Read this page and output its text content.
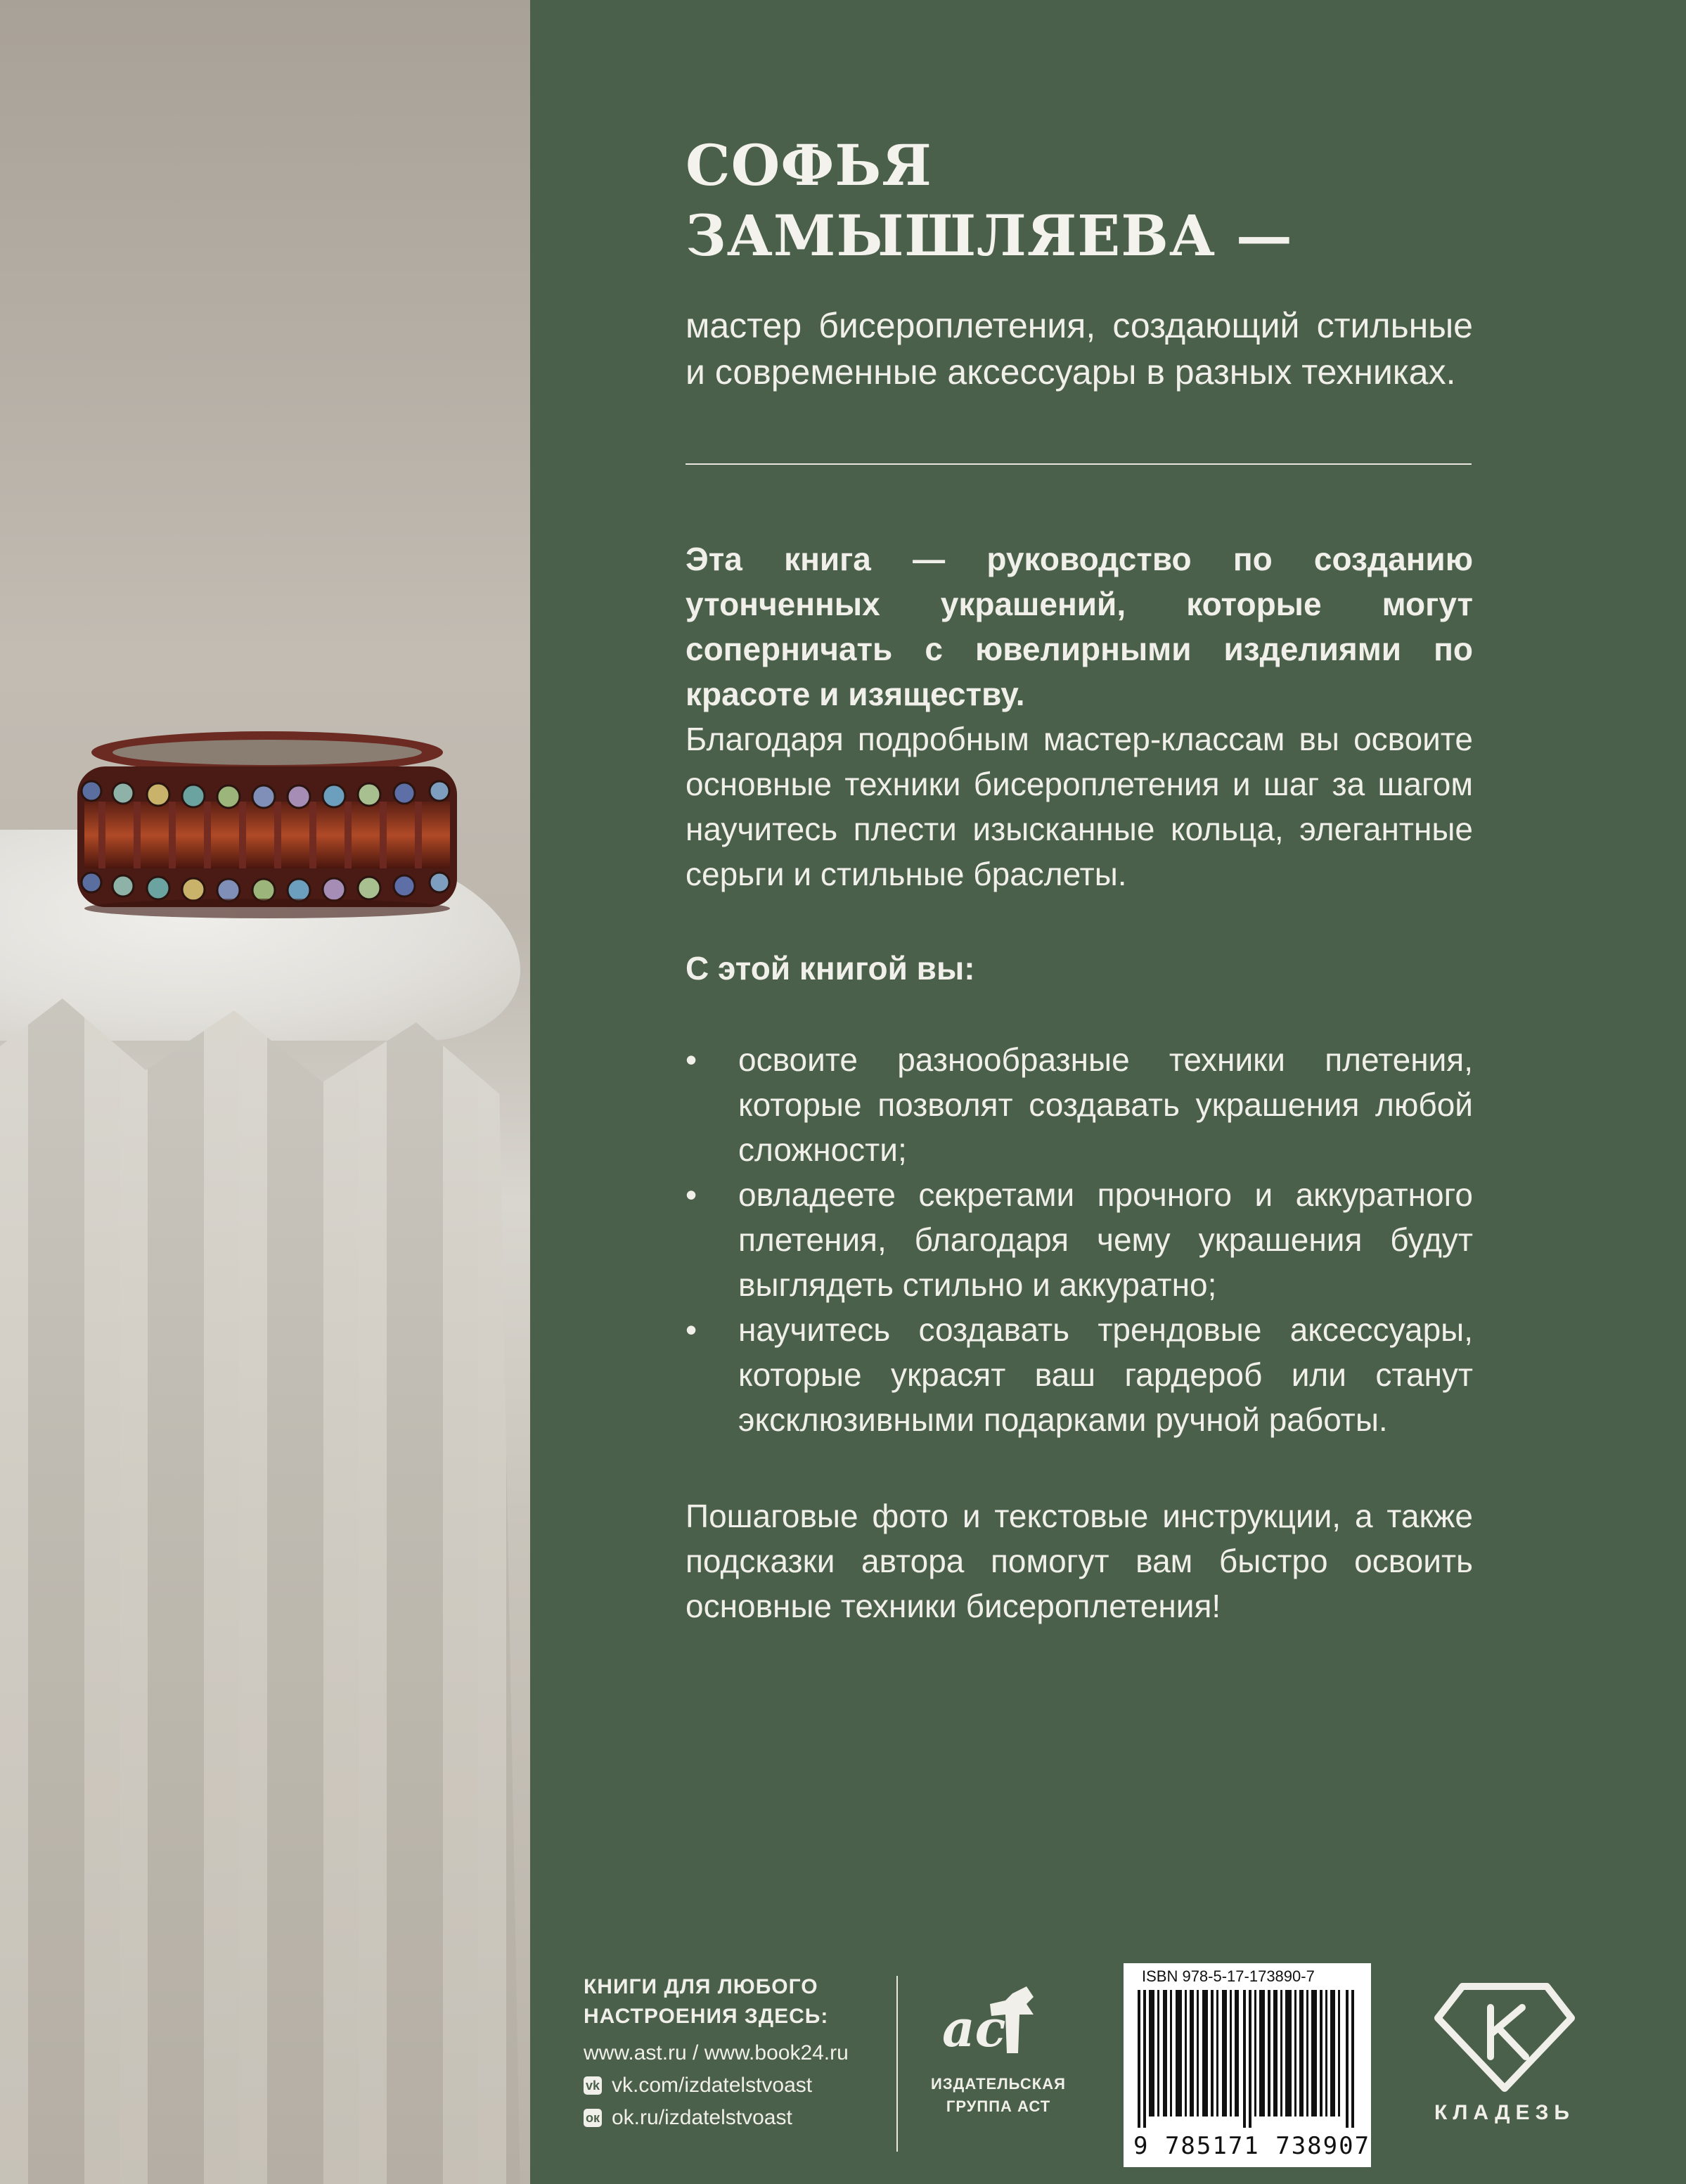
СОФЬЯ
ЗАМЫШЛЯЕВА —
мастер бисероплетения, создающий стильные и современные аксессуары в разных техниках.

Эта книга — руководство по созданию утонченных украшений, которые могут соперничать с ювелирными изделиями по красоте и изяществу.

Благодаря подробным мастер-классам вы освоите основные техники бисероплетения и шаг за шагом научитесь плести изысканные кольца, элегантные серьги и стильные браслеты.

С этой книгой вы:

• освоите разнообразные техники плетения, которые позволят создавать украшения любой сложности;
• овладеете секретами прочного и аккуратного плетения, благодаря чему украшения будут выглядеть стильно и аккуратно;
• научитесь создавать трендовые аксессуары, которые украсят ваш гардероб или станут эксклюзивными подарками ручной работы.

Пошаговые фото и текстовые инструкции, а также подсказки автора помогут вам быстро освоить основные техники бисероплетения!

КНИГИ ДЛЯ ЛЮБОГО
НАСТРОЕНИЯ ЗДЕСЬ:
www.ast.ru / www.book24.ru
vk vk.com/izdatelstvoast
ок ok.ru/izdatelstvoast
ac
ИЗДАТЕЛЬСКАЯ
ГРУППА АСТ
ISBN 978-5-17-173890-7
9 785171 738907
КЛАДЕЗЬ
